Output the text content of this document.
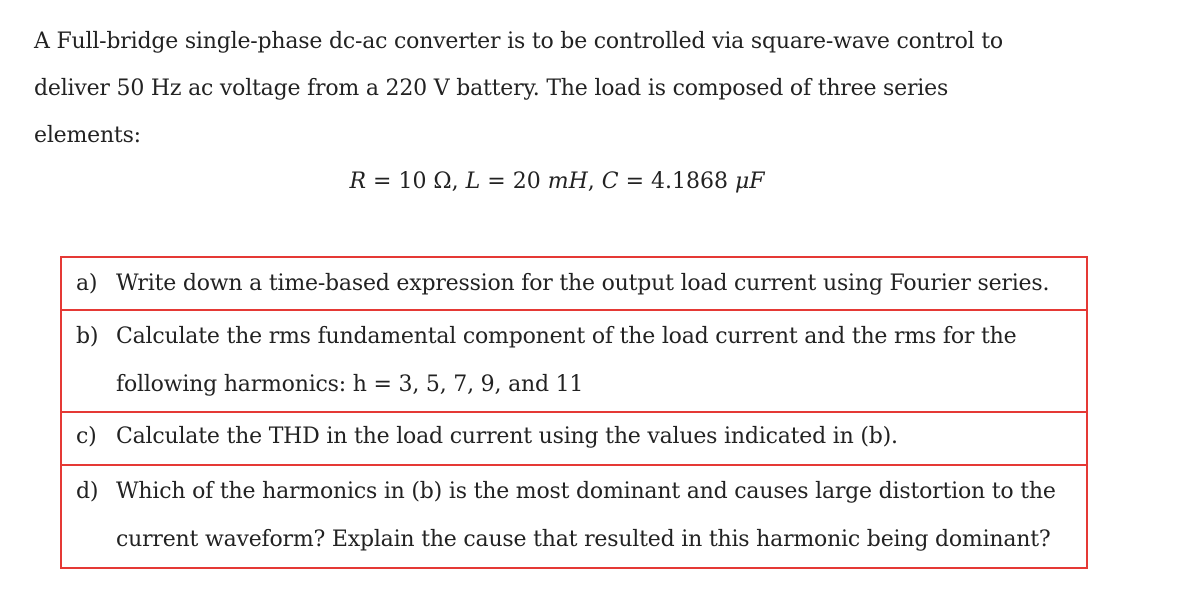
A Full-bridge single-phase dc-ac converter is to be controlled via square-wave control to

deliver 50 Hz ac voltage from a 220 V battery. The load is composed of three series

elements:

R = 10 Ω, L = 20 mH, C = 4.1868 μF
a) Write down a time-based expression for the output load current using Fourier series.
b) Calculate the rms fundamental component of the load current and the rms for the
following harmonics: h = 3, 5, 7, 9, and 11
c) Calculate the THD in the load current using the values indicated in (b).
d) Which of the harmonics in (b) is the most dominant and causes large distortion to the
current waveform? Explain the cause that resulted in this harmonic being dominant?
